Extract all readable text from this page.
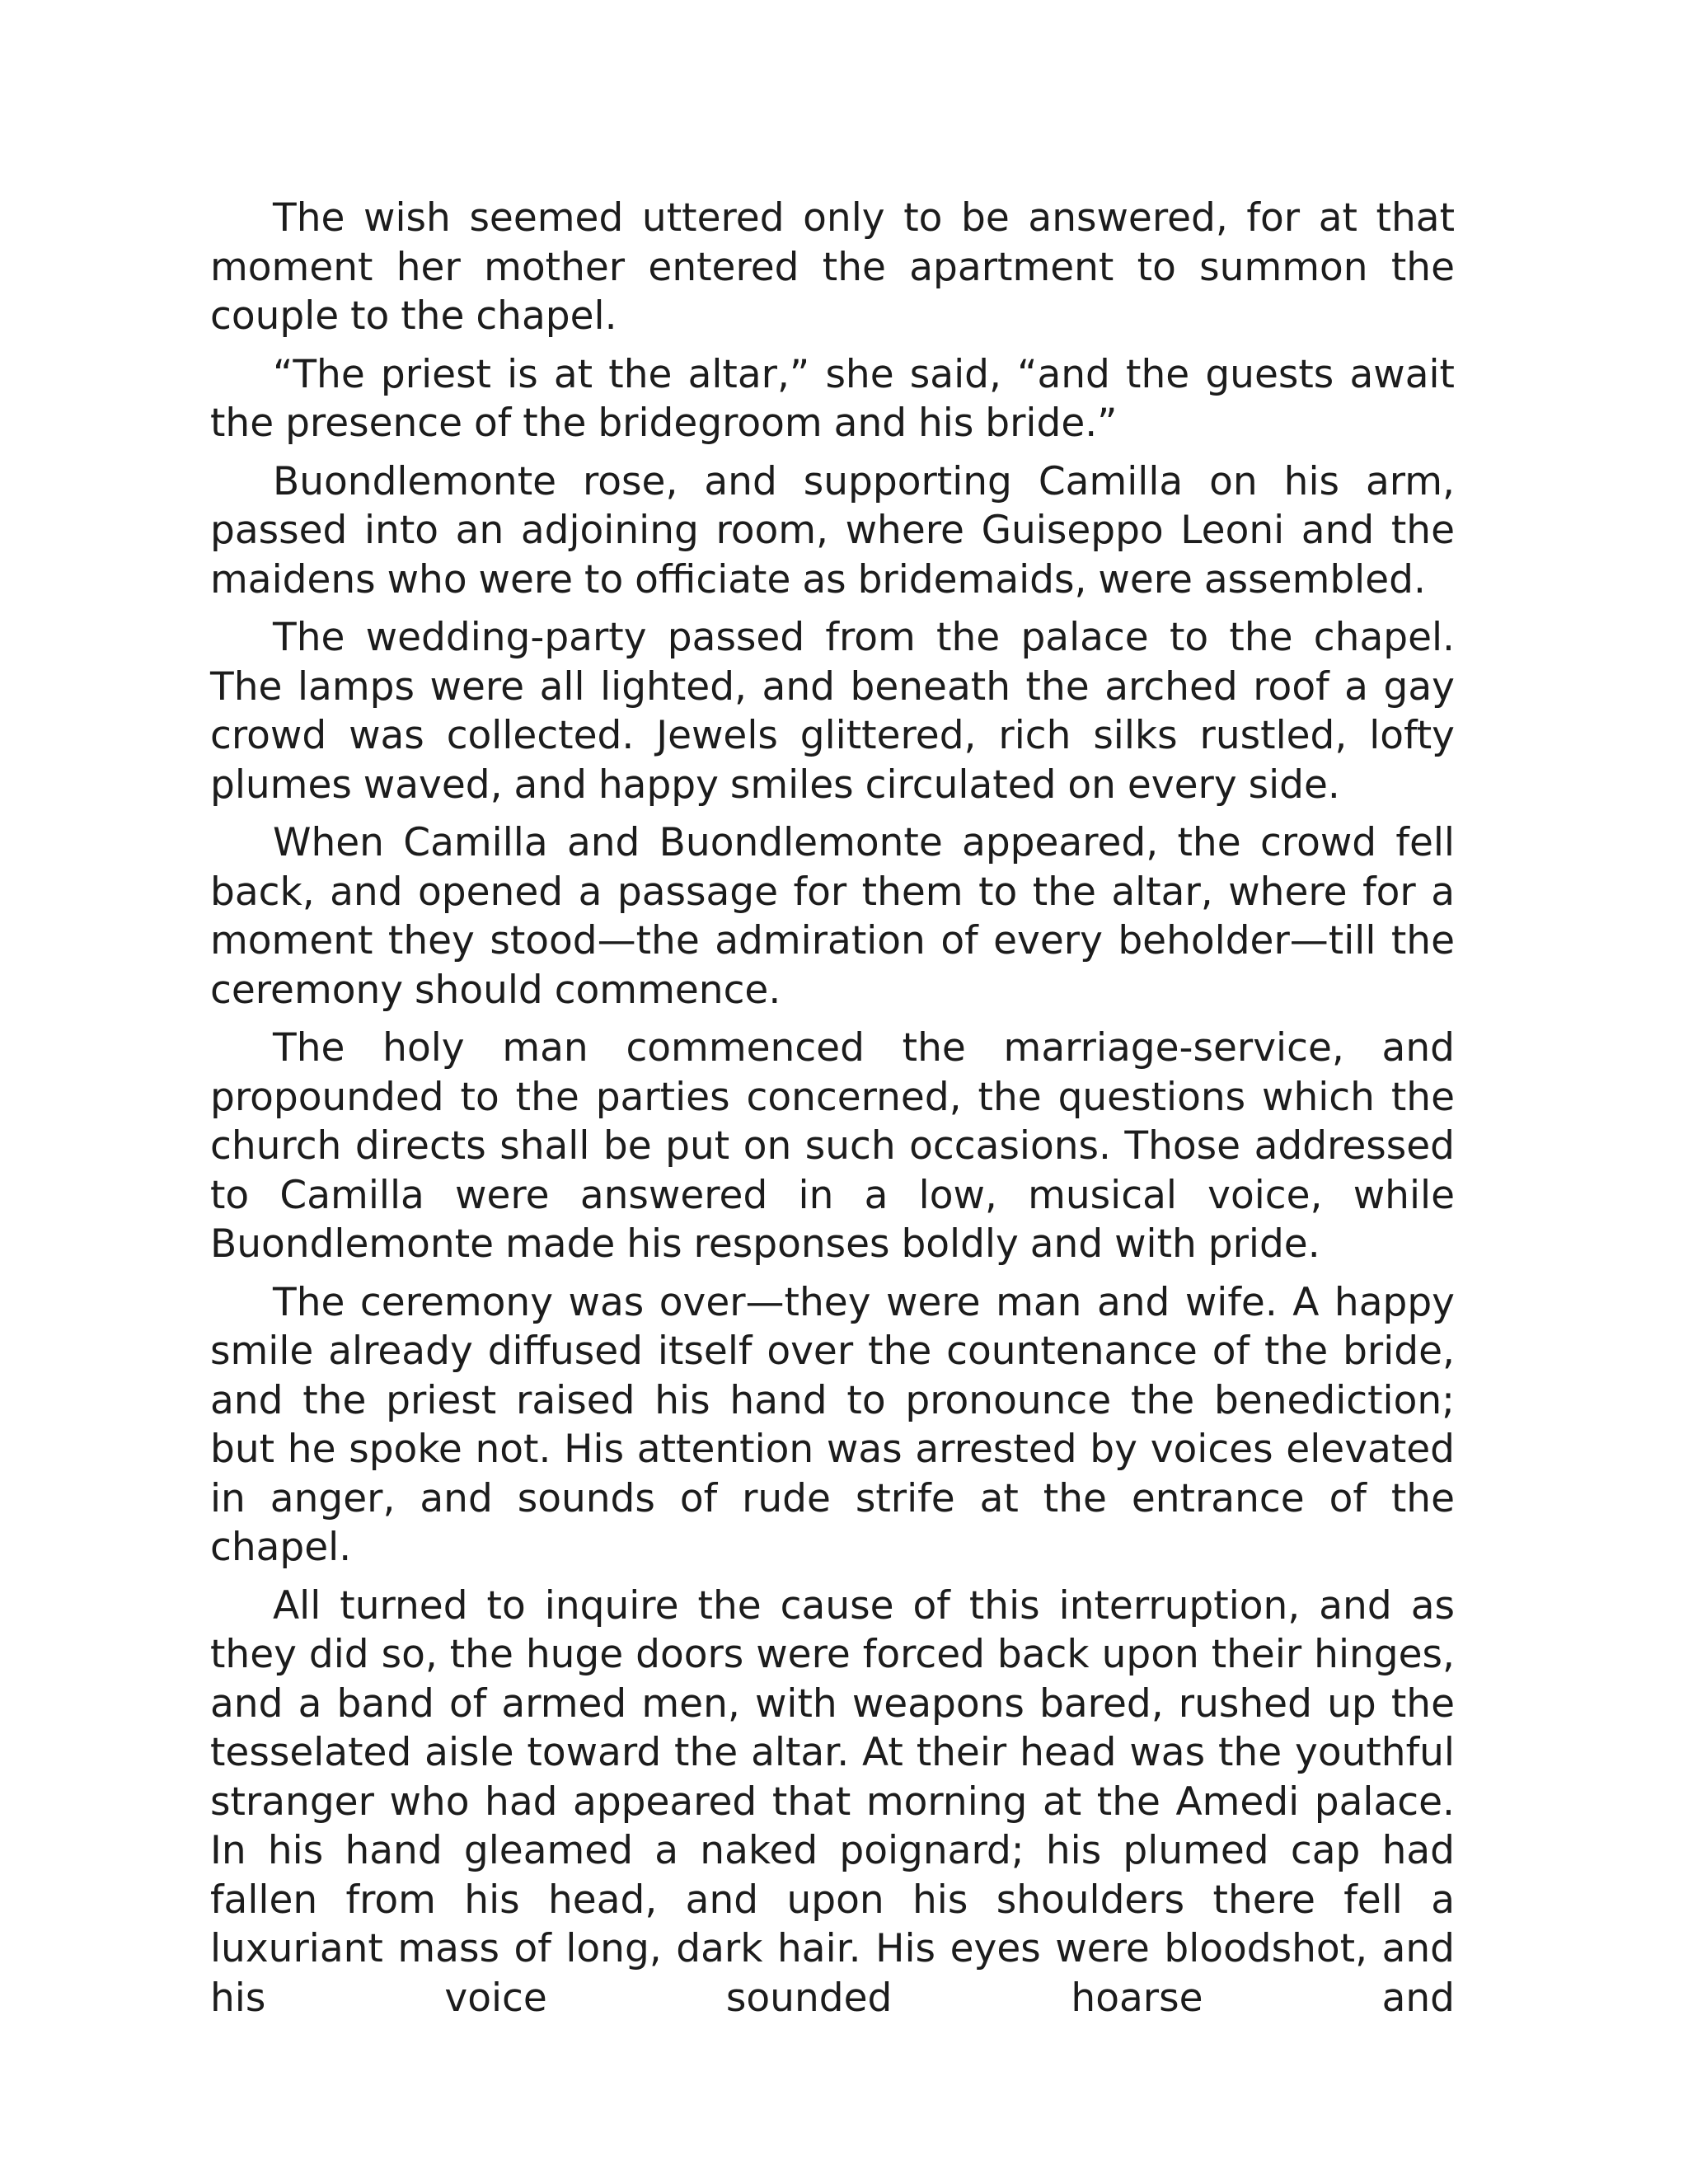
The wish seemed uttered only to be answered, for at that moment her mother entered the apartment to summon the couple to the chapel.

“The priest is at the altar,” she said, “and the guests await the presence of the bridegroom and his bride.”

Buondlemonte rose, and supporting Camilla on his arm, passed into an adjoining room, where Guiseppo Leoni and the maidens who were to officiate as bridemaids, were assembled.

The wedding-party passed from the palace to the chapel. The lamps were all lighted, and beneath the arched roof a gay crowd was collected. Jewels glittered, rich silks rustled, lofty plumes waved, and happy smiles circulated on every side.

When Camilla and Buondlemonte appeared, the crowd fell back, and opened a passage for them to the altar, where for a moment they stood—the admiration of every beholder—till the ceremony should commence.

The holy man commenced the marriage-service, and propounded to the parties concerned, the questions which the church directs shall be put on such occasions. Those addressed to Camilla were answered in a low, musical voice, while Buondlemonte made his responses boldly and with pride.

The ceremony was over—they were man and wife. A happy smile already diffused itself over the countenance of the bride, and the priest raised his hand to pronounce the benediction; but he spoke not. His attention was arrested by voices elevated in anger, and sounds of rude strife at the entrance of the chapel.

All turned to inquire the cause of this interruption, and as they did so, the huge doors were forced back upon their hinges, and a band of armed men, with weapons bared, rushed up the tesselated aisle toward the altar. At their head was the youthful stranger who had appeared that morning at the Amedi palace. In his hand gleamed a naked poignard; his plumed cap had fallen from his head, and upon his shoulders there fell a luxuriant mass of long, dark hair. His eyes were bloodshot, and his voice sounded hoarse and
